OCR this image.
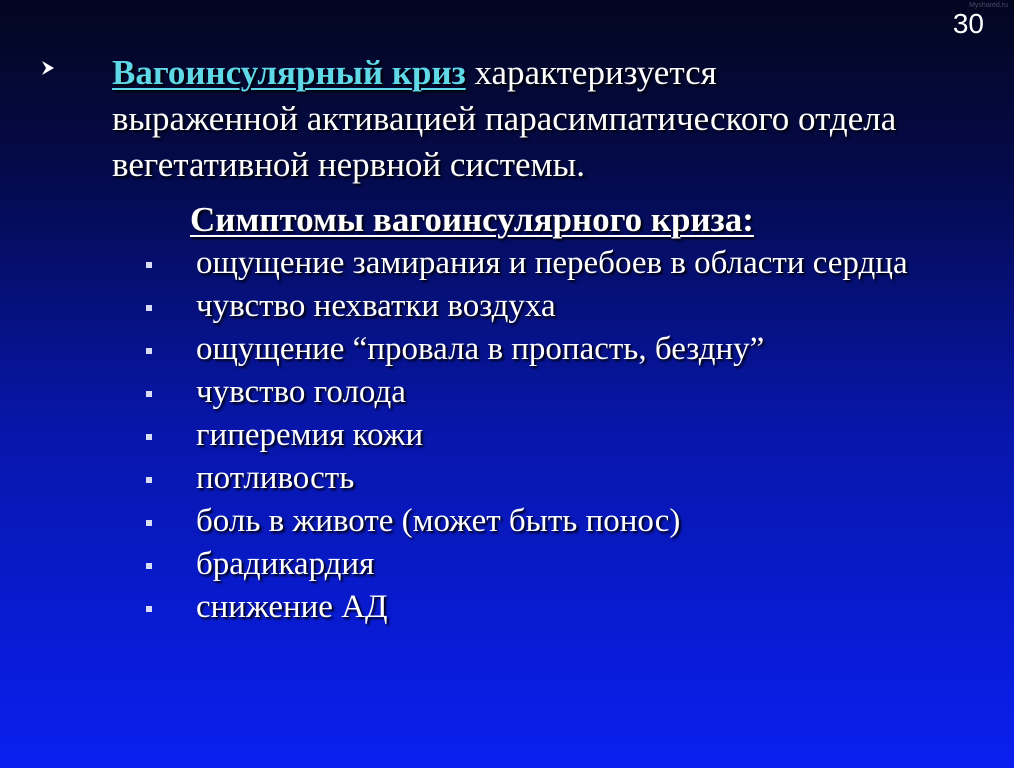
Myshared.ru
30
Вагоинсулярный криз характеризуется
выраженной активацией парасимпатического отдела вегетативной нервной системы.
Симптомы вагоинсулярного криза:
ощущение замирания и перебоев в области сердца
чувство нехватки воздуха
ощущение “провала в пропасть, бездну”
чувство голода
гиперемия кожи
потливость
боль в животе (может быть понос)
брадикардия
снижение АД
